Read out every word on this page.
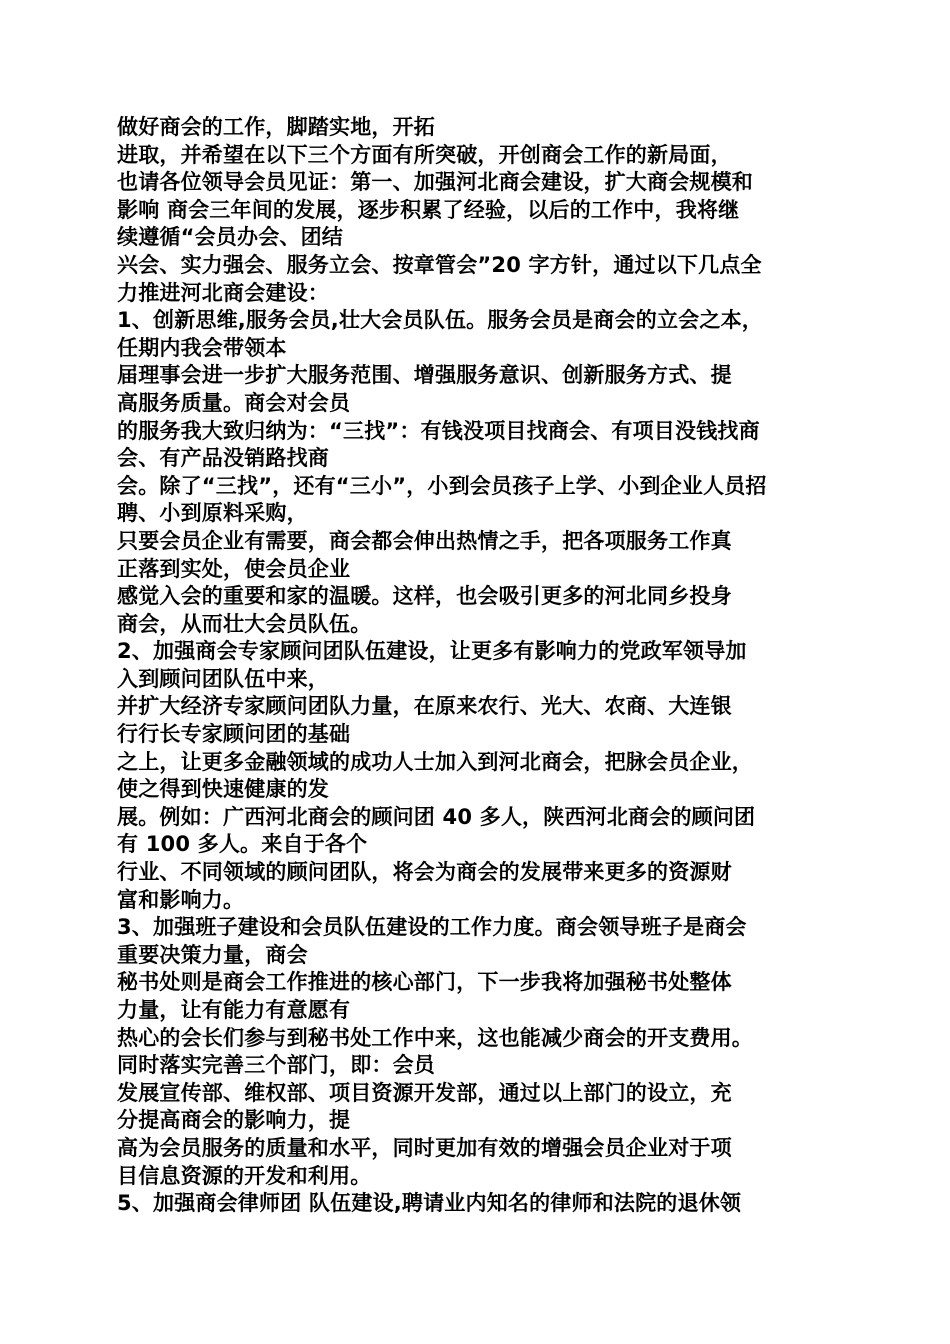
做好商会的工作，脚踏实地，开拓
进取，并希望在以下三个方面有所突破，开创商会工作的新局面，
也请各位领导会员见证：第一、加强河北商会建设，扩大商会规模和
影响 商会三年间的发展，逐步积累了经验，以后的工作中，我将继
续遵循“会员办会、团结
兴会、实力强会、服务立会、按章管会”20 字方针，通过以下几点全
力推进河北商会建设：
1、创新思维,服务会员,壮大会员队伍。服务会员是商会的立会之本，
任期内我会带领本
届理事会进一步扩大服务范围、增强服务意识、创新服务方式、提
高服务质量。商会对会员
的服务我大致归纳为：“三找”：有钱没项目找商会、有项目没钱找商
会、有产品没销路找商
会。除了“三找”，还有“三小”，小到会员孩子上学、小到企业人员招
聘、小到原料采购，
只要会员企业有需要，商会都会伸出热情之手，把各项服务工作真
正落到实处，使会员企业
感觉入会的重要和家的温暖。这样，也会吸引更多的河北同乡投身
商会，从而壮大会员队伍。
2、加强商会专家顾问团队伍建设，让更多有影响力的党政军领导加
入到顾问团队伍中来，
并扩大经济专家顾问团队力量，在原来农行、光大、农商、大连银
行行长专家顾问团的基础
之上，让更多金融领域的成功人士加入到河北商会，把脉会员企业，
使之得到快速健康的发
展。例如：广西河北商会的顾问团 40 多人，陕西河北商会的顾问团
有 100 多人。来自于各个
行业、不同领域的顾问团队，将会为商会的发展带来更多的资源财
富和影响力。
3、加强班子建设和会员队伍建设的工作力度。商会领导班子是商会
重要决策力量，商会
秘书处则是商会工作推进的核心部门，下一步我将加强秘书处整体
力量，让有能力有意愿有
热心的会长们参与到秘书处工作中来，这也能减少商会的开支费用。
同时落实完善三个部门，即：会员
发展宣传部、维权部、项目资源开发部，通过以上部门的设立，充
分提高商会的影响力，提
高为会员服务的质量和水平，同时更加有效的增强会员企业对于项
目信息资源的开发和利用。
5、加强商会律师团 队伍建设,聘请业内知名的律师和法院的退休领
